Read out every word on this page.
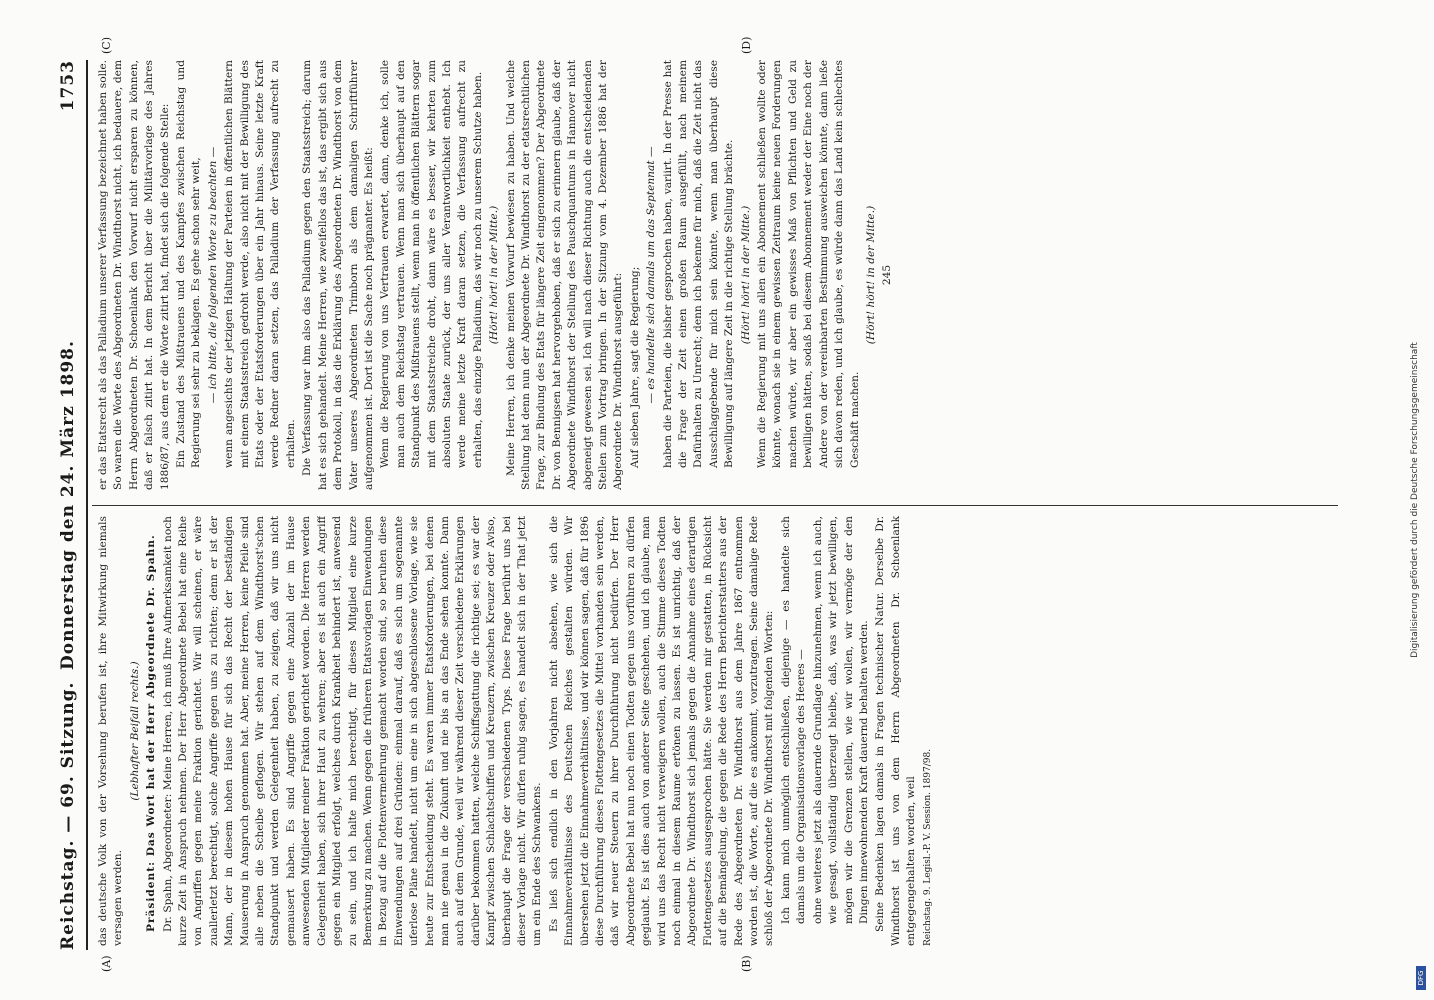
Reichstag. — 69. Sitzung.
Donnerstag den 24. März 1898.
1753
(A)	(B)
(C)	(D)

das deutsche Volk von der Vorsehung berufen ist, ihre Mitwirkung niemals versagen werden.

(Lebhafter Beifall rechts.) Präsident: Das Wort hat der Herr Abgeordnete Dr. Spahn. Dr. Spahn, Abgeordneter: Meine Herren, ich muß Ihre Aufmerksamkeit noch kurze Zeit in Anspruch nehmen. Der Herr Abgeordnete Bebel hat eine Reihe von Angriffen gegen meine Fraktion gerichtet. Wir will scheinen, er wäre zuallerletzt berechtigt, solche Angriffe gegen uns zu richten; denn er ist der Mann, der in diesem hohen Hause für sich das Recht der beständigen Mauserung in Anspruch genommen hat. Aber, meine Herren, keine Pfeile sind alle neben die Scheibe geflogen. Wir stehen auf dem Windthorst'schen Standpunkt und werden Gelegenheit haben, zu zeigen, daß wir uns nicht gemausert haben. Es sind Angriffe gegen eine Anzahl der im Hause anwesenden Mitglieder meiner Fraktion gerichtet worden. Die Herren werden Gelegenheit haben, sich ihrer Haut zu wehren; aber es ist auch ein Angriff gegen ein Mitglied erfolgt, welches durch Krankheit behindert ist, anwesend zu sein, und ich halte mich berechtigt, für dieses Mitglied eine kurze Bemerkung zu machen. Wenn gegen die früheren Etatsvorlagen Einwendungen in Bezug auf die Flottenvermehrung gemacht worden sind, so beruhen diese Einwendungen auf drei Gründen: einmal darauf, daß es sich um sogenannte uferlose Pläne handelt, nicht um eine in sich abgeschlossene Vorlage, wie sie heute zur Entscheidung steht. Es waren immer Etatsforderungen, bei denen man nie genau in die Zukunft und nie bis an das Ende sehen konnte. Dann auch auf dem Grunde, weil wir während dieser Zeit verschiedene Erklärungen darüber bekommen hatten, welche Schiffsgattung die richtige sei; es war der Kampf zwischen Schlachtschiffen und Kreuzern, zwischen Kreuzer oder Aviso, überhaupt die Frage der verschiedenen Typs. Diese Frage berührt uns bei dieser Vorlage nicht. Wir dürfen ruhig sagen, es handelt sich in der That jetzt um ein Ende des Schwankens. Es ließ sich endlich in den Vorjahren nicht absehen, wie sich die Einnahmeverhältnisse des Deutschen Reiches gestalten würden. Wir übersehen jetzt die Einnahmeverhältnisse, und wir können sagen, daß für 1896 diese Durchführung dieses Flottengesetzes die Mittel vorhanden sein werden, daß wir neuer Steuern zu ihrer Durchführung nicht bedürfen. Der Herr Abgeordnete Bebel hat nun noch einen Todten gegen uns vorführen zu dürfen geglaubt. Es ist dies auch von anderer Seite geschehen, und ich glaube, man wird uns das Recht nicht verweigern wollen, auch die Stimme dieses Todten noch einmal in diesem Raume ertönen zu lassen. Es ist unrichtig, daß der Abgeordnete Dr. Windthorst sich jemals gegen die Annahme eines derartigen Flottengesetzes ausgesprochen hätte. Sie werden mir gestatten, in Rücksicht auf die Bemängelung, die gegen die Rede des Herrn Berichterstatters aus der Rede des Abgeordneten Dr. Windthorst aus dem Jahre 1867 entnommen worden ist, die Worte, auf die es ankommt, vorzutragen. Seine damalige Rede schloß der Abgeordnete Dr. Windthorst mit folgenden Worten: Ich kann mich unmöglich entschließen, diejenige — es handelte sich damals um die Organisationsvorlage des Heeres — ohne weiteres jetzt als dauernde Grundlage hinzunehmen, wenn ich auch, wie gesagt, vollständig überzeugt bleibe, daß, was wir jetzt bewilligen, mögen wir die Grenzen stellen, wie wir wollen, wir vermöge der den Dingen innewohnenden Kraft dauernd behalten werden. Seine Bedenken lagen damals in Fragen technischer Natur. Derselbe Dr. Windthorst ist uns von dem Herrn Abgeordneten Dr. Schoenlank entgegengehalten worden, weil Reichstag. 9. Legisl.-P. V. Session. 1897/98.

er das Etatsrecht als das Palladium unserer Verfassung bezeichnet haben solle. So waren die Worte des Abgeordneten Dr. Windthorst nicht, ich bedauere, dem Herrn Abgeordneten Dr. Schoenlank den Vorwurf nicht ersparen zu können, daß er falsch zitirt hat. In dem Bericht über die Militärvorlage des Jahres 1886/87, aus dem er die Worte zitirt hat, findet sich die folgende Stelle: Ein Zustand des Mißtrauens und des Kampfes zwischen Reichstag und Regierung sei sehr zu beklagen. Es gehe schon sehr weit, — ich bitte, die folgenden Worte zu beachten — wenn angesichts der jetzigen Haltung der Parteien in öffentlichen Blättern mit einem Staatsstreich gedroht werde, also nicht mit der Bewilligung des Etats oder der Etatsforderungen über ein Jahr hinaus. Seine letzte Kraft werde Redner daran setzen, das Palladium der Verfassung aufrecht zu erhalten. Die Verfassung war ihm also das Palladium gegen den Staatsstreich; darum hat es sich gehandelt. Meine Herren, wie zweifellos das ist, das ergibt sich aus dem Protokoll, in das die Erklärung des Abgeordneten Dr. Windthorst von dem Vater unseres Abgeordneten Trimborn als dem damaligen Schriftführer aufgenommen ist. Dort ist die Sache noch prägnanter. Es heißt: Wenn die Regierung von uns Vertrauen erwartet, dann, denke ich, solle man auch dem Reichstag vertrauen. Wenn man sich überhaupt auf den Standpunkt des Mißtrauens stellt, wenn man in öffentlichen Blättern sogar mit dem Staatsstreiche droht, dann wäre es besser, wir kehrten zum absoluten Staate zurück, der uns aller Verantwortlichkeit enthebt. Ich werde meine letzte Kraft daran setzen, die Verfassung aufrecht zu erhalten, das einzige Palladium, das wir noch zu unserem Schutze haben. (Hört! hört! in der Mitte.) Meine Herren, ich denke meinen Vorwurf bewiesen zu haben. Und welche Stellung hat denn nun der Abgeordnete Dr. Windthorst zu der etatsrechtlichen Frage, zur Bindung des Etats für längere Zeit eingenommen? Der Abgeordnete Dr. von Bennigsen hat hervorgehoben, daß er sich zu erinnern glaube, daß der Abgeordnete Windthorst der Stellung des Pauschquantums in Hannover nicht abgeneigt gewesen sei. Ich will nach dieser Richtung auch die entscheidenden Stellen zum Vortrag bringen. In der Sitzung vom 4. Dezember 1886 hat der Abgeordnete Dr. Windthorst ausgeführt: Auf sieben Jahre, sagt die Regierung; — es handelte sich damals um das Septennat — haben die Parteien, die bisher gesprochen haben, variirt. In der Presse hat die Frage der Zeit einen großen Raum ausgefüllt, nach meinem Dafürhalten zu Unrecht; denn ich bekenne für mich, daß die Zeit nicht das Ausschlaggebende für mich sein könnte, wenn man überhaupt diese Bewilligung auf längere Zeit in die richtige Stellung brächte. (Hört! hört! in der Mitte.) Wenn die Regierung mit uns allen ein Abonnement schließen wollte oder könnte, wonach sie in einem gewissen Zeitraum keine neuen Forderungen machen würde, wir aber ein gewisses Maß von Pflichten und Geld zu bewilligen hätten, sodaß bei diesem Abonnement weder der Eine noch der Andere von der vereinbarten Bestimmung ausweichen könnte, dann ließe sich davon reden, und ich glaube, es würde dann das Land kein schlechtes Geschäft machen.

(Hört! hört! in der Mitte.) 245

Digitalisierung gefördert durch die Deutsche Forschungsgemeinschaft
DFG
